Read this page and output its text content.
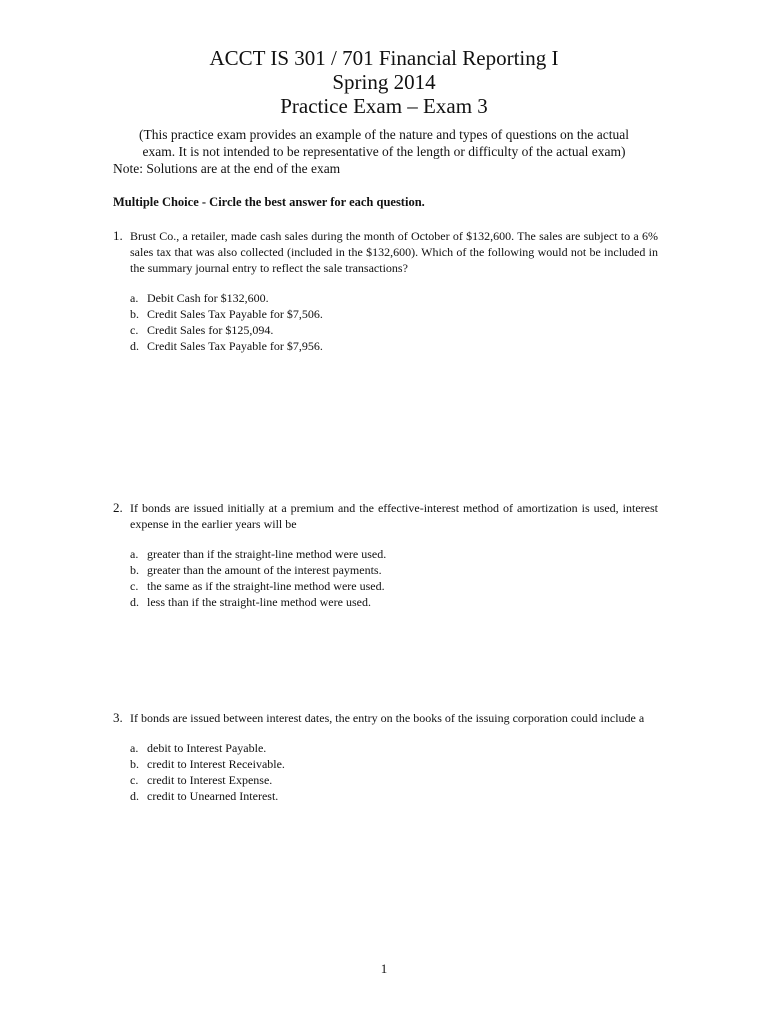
ACCT IS 301 / 701 Financial Reporting I
Spring 2014
Practice Exam – Exam 3
(This practice exam provides an example of the nature and types of questions on the actual
exam. It is not intended to be representative of the length or difficulty of the actual exam)
Note: Solutions are at the end of the exam
Multiple Choice - Circle the best answer for each question.
1. Brust Co., a retailer, made cash sales during the month of October of $132,600. The sales are subject to a 6% sales tax that was also collected (included in the $132,600). Which of the following would not be included in the summary journal entry to reflect the sale transactions?
a. Debit Cash for $132,600.
b. Credit Sales Tax Payable for $7,506.
c. Credit Sales for $125,094.
d. Credit Sales Tax Payable for $7,956.
2. If bonds are issued initially at a premium and the effective-interest method of amortization is used, interest expense in the earlier years will be
a. greater than if the straight-line method were used.
b. greater than the amount of the interest payments.
c. the same as if the straight-line method were used.
d. less than if the straight-line method were used.
3. If bonds are issued between interest dates, the entry on the books of the issuing corporation could include a
a. debit to Interest Payable.
b. credit to Interest Receivable.
c. credit to Interest Expense.
d. credit to Unearned Interest.
1
